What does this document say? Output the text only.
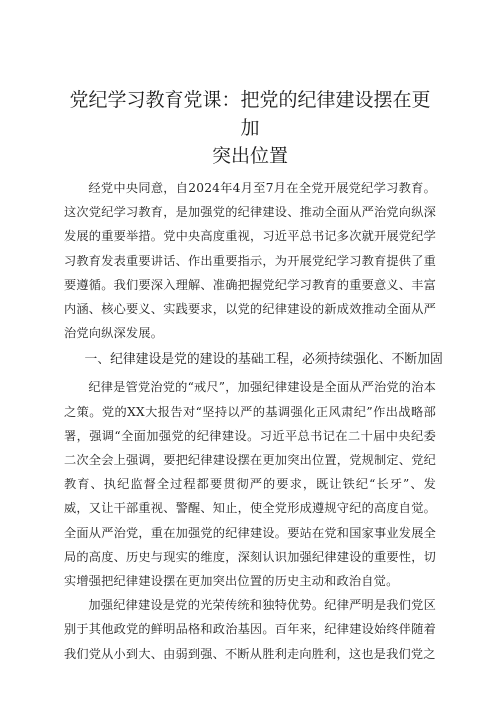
党纪学习教育党课：把党的纪律建设摆在更加
突出位置

经党中央同意，自2024年4月至7月在全党开展党纪学习教育。这次党纪学习教育，是加强党的纪律建设、推动全面从严治党向纵深发展的重要举措。党中央高度重视，习近平总书记多次就开展党纪学习教育发表重要讲话、作出重要指示，为开展党纪学习教育提供了重要遵循。我们要深入理解、准确把握党纪学习教育的重要意义、丰富内涵、核心要义、实践要求，以党的纪律建设的新成效推动全面从严治党向纵深发展。

一、纪律建设是党的建设的基础工程，必须持续强化、不断加固

纪律是管党治党的“戒尺”，加强纪律建设是全面从严治党的治本之策。党的XX大报告对“坚持以严的基调强化正风肃纪”作出战略部署，强调“全面加强党的纪律建设。习近平总书记在二十届中央纪委二次全会上强调，要把纪律建设摆在更加突出位置，党规制定、党纪教育、执纪监督全过程都要贯彻严的要求，既让铁纪“长牙”、发威，又让干部重视、警醒、知止，使全党形成遵规守纪的高度自觉。全面从严治党，重在加强党的纪律建设。要站在党和国家事业发展全局的高度、历史与现实的维度，深刻认识加强纪律建设的重要性，切实增强把纪律建设摆在更加突出位置的历史主动和政治自觉。

加强纪律建设是党的光荣传统和独特优势。纪律严明是我们党区别于其他政党的鲜明品格和政治基因。百年来，纪律建设始终伴随着我们党从小到大、由弱到强、不断从胜利走向胜利，这也是我们党之
